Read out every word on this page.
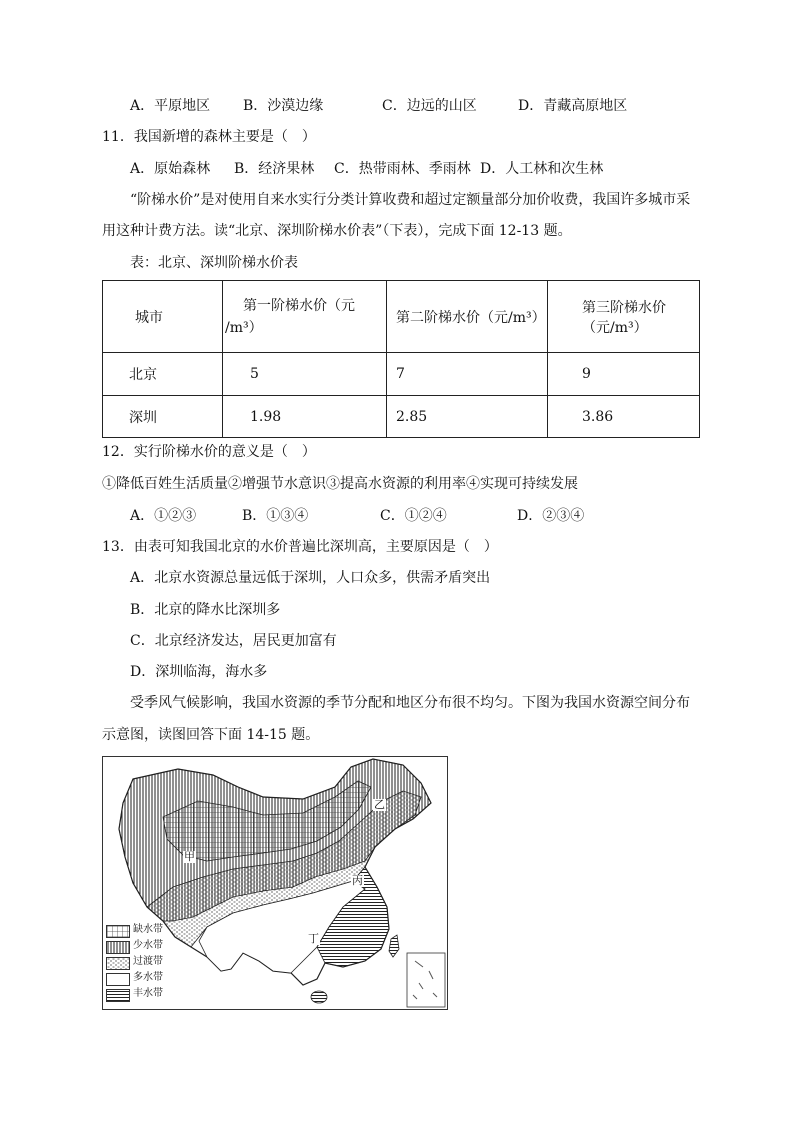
A．平原地区 B．沙漠边缘	C．边远的山区	D．青藏高原地区
11．我国新增的森林主要是（　）
A．原始森林 B．经济果林 C．热带雨林、季雨林 D．人工林和次生林
“阶梯水价”是对使用自来水实行分类计算收费和超过定额量部分加价收费，我国许多城市采
用这种计费方法。读“北京、深圳阶梯水价表”（下表），完成下面 12-13 题。
表：北京、深圳阶梯水价表
城市	第一阶梯水价（元
/m³）	第二阶梯水价（元/m³）	第三阶梯水价（元/m³）
北京	5	7	9
深圳	1.98	2.85	3.86
12．实行阶梯水价的意义是（　）
①降低百姓生活质量②增强节水意识③提高水资源的利用率④实现可持续发展
A．①②③	B．①③④	C．①②④	D．②③④
13．由表可知我国北京的水价普遍比深圳高，主要原因是（　）
A．北京水资源总量远低于深圳，人口众多，供需矛盾突出
B．北京的降水比深圳多
C．北京经济发达，居民更加富有
D．深圳临海，海水多
受季风气候影响，我国水资源的季节分配和地区分布很不均匀。下图为我国水资源空间分布
示意图，读图回答下面 14-15 题。
甲
乙
丙
丁
缺水带
少水带
过渡带
多水带
丰水带
